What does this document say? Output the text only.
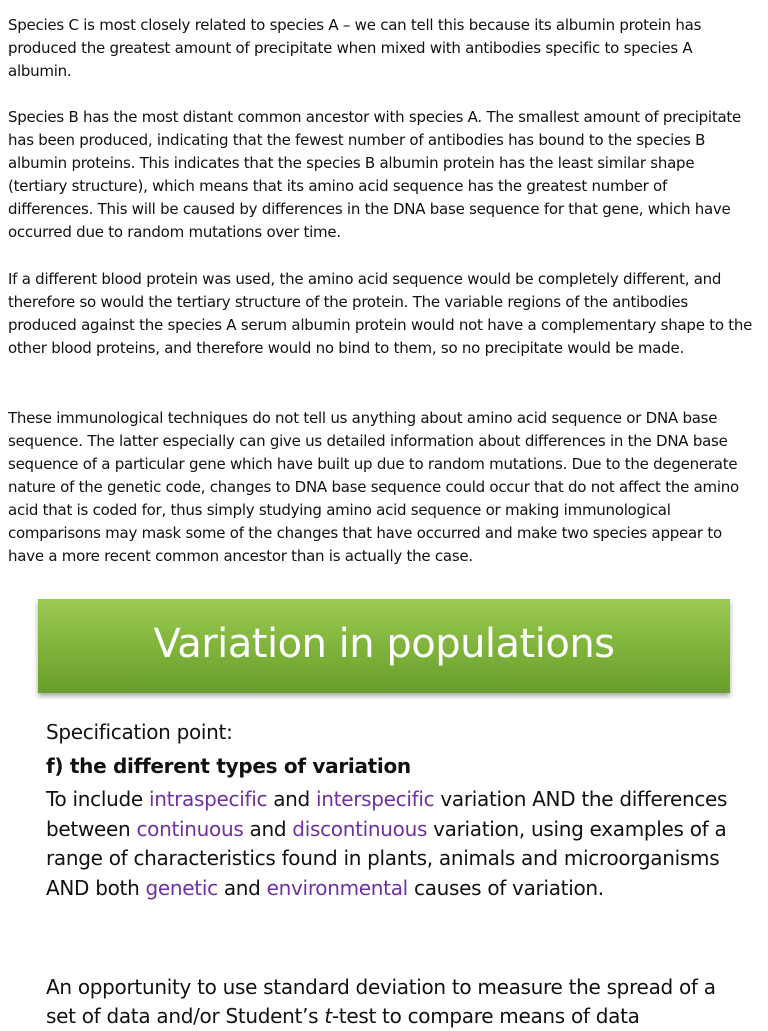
Species C is most closely related to species A – we can tell this because its albumin protein has produced the greatest amount of precipitate when mixed with antibodies specific to species A albumin.

Species B has the most distant common ancestor with species A. The smallest amount of precipitate has been produced, indicating that the fewest number of antibodies has bound to the species B albumin proteins. This indicates that the species B albumin protein has the least similar shape (tertiary structure), which means that its amino acid sequence has the greatest number of differences. This will be caused by differences in the DNA base sequence for that gene, which have occurred due to random mutations over time.

If a different blood protein was used, the amino acid sequence would be completely different, and therefore so would the tertiary structure of the protein. The variable regions of the antibodies produced against the species A serum albumin protein would not have a complementary shape to the other blood proteins, and therefore would no bind to them, so no precipitate would be made.

These immunological techniques do not tell us anything about amino acid sequence or DNA base sequence. The latter especially can give us detailed information about differences in the DNA base sequence of a particular gene which have built up due to random mutations. Due to the degenerate nature of the genetic code, changes to DNA base sequence could occur that do not affect the amino acid that is coded for, thus simply studying amino acid sequence or making immunological comparisons may mask some of the changes that have occurred and make two species appear to have a more recent common ancestor than is actually the case.

Variation in populations

Specification point:

f) the different types of variation

To include intraspecific and interspecific variation AND the differences between continuous and discontinuous variation, using examples of a range of characteristics found in plants, animals and microorganisms AND both genetic and environmental causes of variation.

An opportunity to use standard deviation to measure the spread of a set of data and/or Student’s t-test to compare means of data
